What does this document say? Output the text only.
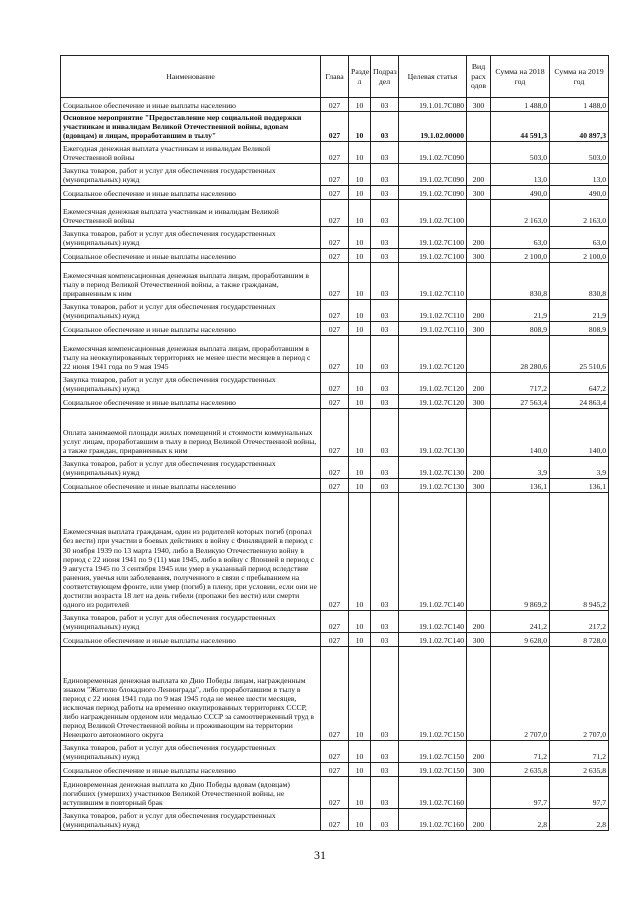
Наименование	Глава	Разде л	Подраз дел	Целевая статья	Вид расх одов	Сумма на 2018 год	Сумма на 2019 год
Социальное обеспечение и иные выплаты населению	027	10	03	19.1.01.7С080	300	1 488,0	1 488,0
Основное мероприятие "Предоставление мер социальной поддержки участникам и инвалидам Великой Отечественной войны, вдовам (вдовцам) и лицам, проработавшим в тылу"	027	10	03	19.1.02.00000		44 591,3	40 897,3
Ежегодная денежная выплата участникам и инвалидам Великой Отечественной войны	027	10	03	19.1.02.7С090		503,0	503,0
Закупка товаров, работ и услуг для обеспечения государственных (муниципальных) нужд	027	10	03	19.1.02.7С090	200	13,0	13,0
Социальное обеспечение и иные выплаты населению	027	10	03	19.1.02.7С090	300	490,0	490,0
Ежемесячная денежная выплата участникам и инвалидам Великой Отечественной войны	027	10	03	19.1.02.7С100		2 163,0	2 163,0
Закупка товаров, работ и услуг для обеспечения государственных (муниципальных) нужд	027	10	03	19.1.02.7С100	200	63,0	63,0
Социальное обеспечение и иные выплаты населению	027	10	03	19.1.02.7С100	300	2 100,0	2 100,0
Ежемесячная компенсационная денежная выплата лицам, проработавшим в тылу в период Великой Отечественной войны, а также гражданам, приравненным к ним	027	10	03	19.1.02.7С110		830,8	830,8
Закупка товаров, работ и услуг для обеспечения государственных (муниципальных) нужд	027	10	03	19.1.02.7С110	200	21,9	21,9
Социальное обеспечение и иные выплаты населению	027	10	03	19.1.02.7С110	300	808,9	808,9
Ежемесячная компенсационная денежная выплата лицам, проработавшим в тылу на неоккупированных территориях не менее шести месяцев в период с 22 июня 1941 года по 9 мая 1945	027	10	03	19.1.02.7С120		28 280,6	25 510,6
Закупка товаров, работ и услуг для обеспечения государственных (муниципальных) нужд	027	10	03	19.1.02.7С120	200	717,2	647,2
Социальное обеспечение и иные выплаты населению	027	10	03	19.1.02.7С120	300	27 563,4	24 863,4
Оплата занимаемой площади жилых помещений и стоимости коммунальных услуг лицам, проработавшим в тылу в период Великой Отечественной войны, а также граждан, приравненных к ним	027	10	03	19.1.02.7С130		140,0	140,0
Закупка товаров, работ и услуг для обеспечения государственных (муниципальных) нужд	027	10	03	19.1.02.7С130	200	3,9	3,9
Социальное обеспечение и иные выплаты населению	027	10	03	19.1.02.7С130	300	136,1	136,1
Ежемесячная выплата гражданам, один из родителей которых погиб (пропал без вести) при участии в боевых действиях в войну с Финляндией в период с 30 ноября 1939 по 13 марта 1940, либо в Великую Отечественную войну в период с 22 июня 1941 по 9 (11) мая 1945, либо в войну с Японией в период с 9 августа 1945 по 3 сентября 1945 или умер в указанный период вследствие ранения, увечья или заболевания, полученного в связи с пребыванием на соответствующем фронте, или умер (погиб) в плену, при условии, если они не достигли возраста 18 лет на день гибели (пропажи без вести) или смерти одного из родителей	027	10	03	19.1.02.7С140		9 869,2	8 945,2
Закупка товаров, работ и услуг для обеспечения государственных (муниципальных) нужд	027	10	03	19.1.02.7С140	200	241,2	217,2
Социальное обеспечение и иные выплаты населению	027	10	03	19.1.02.7С140	300	9 628,0	8 728,0
Единовременная денежная выплата ко Дню Победы лицам, награжденным знаком "Жителю блокадного Ленинграда", либо проработавшим в тылу в период с 22 июня 1941 года по 9 мая 1945 года не менее шести месяцев, исключая период работы на временно оккупированных территориях СССР, либо награжденным орденом или медалью СССР за самоотверженный труд в период Великой Отечественной войны и проживающим на территории Ненецкого автономного округа	027	10	03	19.1.02.7С150		2 707,0	2 707,0
Закупка товаров, работ и услуг для обеспечения государственных (муниципальных) нужд	027	10	03	19.1.02.7С150	200	71,2	71,2
Социальное обеспечение и иные выплаты населению	027	10	03	19.1.02.7С150	300	2 635,8	2 635,8
Единовременная денежная выплата ко Дню Победы вдовам (вдовцам) погибших (умерших) участников Великой Отечественной войны, не вступившим в повторный брак	027	10	03	19.1.02.7С160		97,7	97,7
Закупка товаров, работ и услуг для обеспечения государственных (муниципальных) нужд	027	10	03	19.1.02.7С160	200	2,8	2,8
31
